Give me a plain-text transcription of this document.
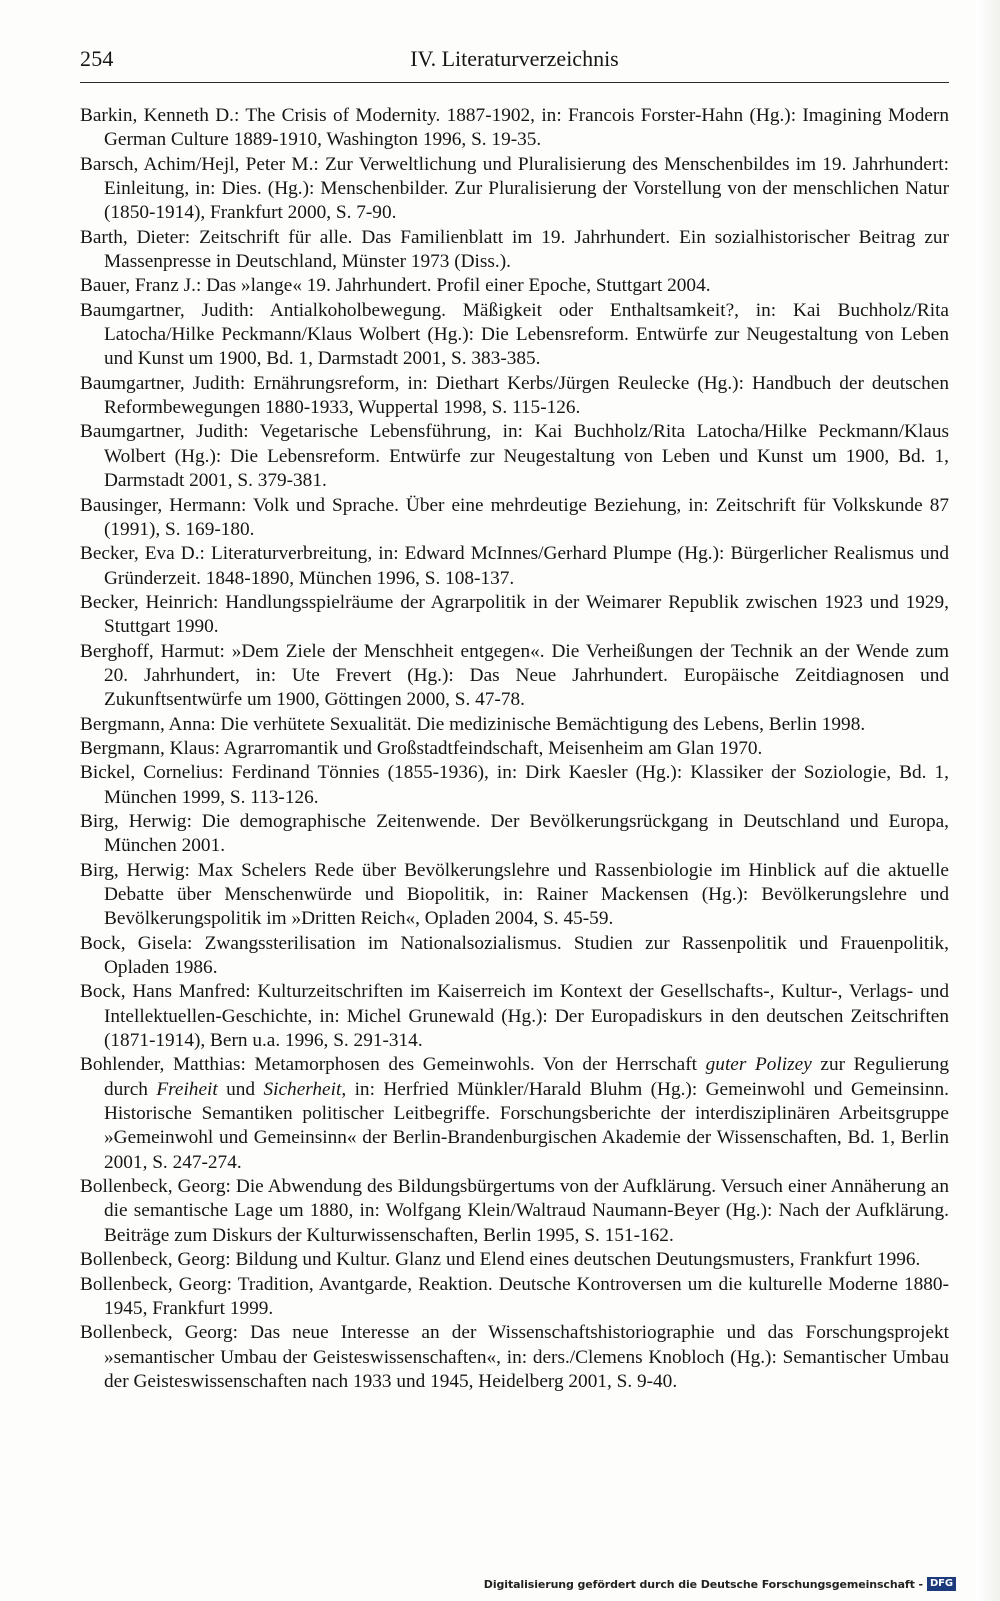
254	IV. Literaturverzeichnis
Barkin, Kenneth D.: The Crisis of Modernity. 1887-1902, in: Francois Forster-Hahn (Hg.): Imagining Modern German Culture 1889-1910, Washington 1996, S. 19-35.
Barsch, Achim/Hejl, Peter M.: Zur Verweltlichung und Pluralisierung des Menschenbildes im 19. Jahrhundert: Einleitung, in: Dies. (Hg.): Menschenbilder. Zur Pluralisierung der Vorstellung von der menschlichen Natur (1850-1914), Frankfurt 2000, S. 7-90.
Barth, Dieter: Zeitschrift für alle. Das Familienblatt im 19. Jahrhundert. Ein sozialhistorischer Beitrag zur Massenpresse in Deutschland, Münster 1973 (Diss.).
Bauer, Franz J.: Das »lange« 19. Jahrhundert. Profil einer Epoche, Stuttgart 2004.
Baumgartner, Judith: Antialkoholbewegung. Mäßigkeit oder Enthaltsamkeit?, in: Kai Buchholz/Rita Latocha/Hilke Peckmann/Klaus Wolbert (Hg.): Die Lebensreform. Entwürfe zur Neugestaltung von Leben und Kunst um 1900, Bd. 1, Darmstadt 2001, S. 383-385.
Baumgartner, Judith: Ernährungsreform, in: Diethart Kerbs/Jürgen Reulecke (Hg.): Handbuch der deutschen Reformbewegungen 1880-1933, Wuppertal 1998, S. 115-126.
Baumgartner, Judith: Vegetarische Lebensführung, in: Kai Buchholz/Rita Latocha/Hilke Peckmann/Klaus Wolbert (Hg.): Die Lebensreform. Entwürfe zur Neugestaltung von Leben und Kunst um 1900, Bd. 1, Darmstadt 2001, S. 379-381.
Bausinger, Hermann: Volk und Sprache. Über eine mehrdeutige Beziehung, in: Zeitschrift für Volkskunde 87 (1991), S. 169-180.
Becker, Eva D.: Literaturverbreitung, in: Edward McInnes/Gerhard Plumpe (Hg.): Bürgerlicher Realismus und Gründerzeit. 1848-1890, München 1996, S. 108-137.
Becker, Heinrich: Handlungsspielräume der Agrarpolitik in der Weimarer Republik zwischen 1923 und 1929, Stuttgart 1990.
Berghoff, Harmut: »Dem Ziele der Menschheit entgegen«. Die Verheißungen der Technik an der Wende zum 20. Jahrhundert, in: Ute Frevert (Hg.): Das Neue Jahrhundert. Europäische Zeitdiagnosen und Zukunftsentwürfe um 1900, Göttingen 2000, S. 47-78.
Bergmann, Anna: Die verhütete Sexualität. Die medizinische Bemächtigung des Lebens, Berlin 1998.
Bergmann, Klaus: Agrarromantik und Großstadtfeindschaft, Meisenheim am Glan 1970.
Bickel, Cornelius: Ferdinand Tönnies (1855-1936), in: Dirk Kaesler (Hg.): Klassiker der Soziologie, Bd. 1, München 1999, S. 113-126.
Birg, Herwig: Die demographische Zeitenwende. Der Bevölkerungsrückgang in Deutschland und Europa, München 2001.
Birg, Herwig: Max Schelers Rede über Bevölkerungslehre und Rassenbiologie im Hinblick auf die aktuelle Debatte über Menschenwürde und Biopolitik, in: Rainer Mackensen (Hg.): Bevölkerungslehre und Bevölkerungspolitik im »Dritten Reich«, Opladen 2004, S. 45-59.
Bock, Gisela: Zwangssterilisation im Nationalsozialismus. Studien zur Rassenpolitik und Frauenpolitik, Opladen 1986.
Bock, Hans Manfred: Kulturzeitschriften im Kaiserreich im Kontext der Gesellschafts-, Kultur-, Verlags- und Intellektuellen-Geschichte, in: Michel Grunewald (Hg.): Der Europadiskurs in den deutschen Zeitschriften (1871-1914), Bern u.a. 1996, S. 291-314.
Bohlender, Matthias: Metamorphosen des Gemeinwohls. Von der Herrschaft guter Polizey zur Regulierung durch Freiheit und Sicherheit, in: Herfried Münkler/Harald Bluhm (Hg.): Gemeinwohl und Gemeinsinn. Historische Semantiken politischer Leitbegriffe. Forschungsberichte der interdisziplinären Arbeitsgruppe »Gemeinwohl und Gemeinsinn« der Berlin-Brandenburgischen Akademie der Wissenschaften, Bd. 1, Berlin 2001, S. 247-274.
Bollenbeck, Georg: Die Abwendung des Bildungsbürgertums von der Aufklärung. Versuch einer Annäherung an die semantische Lage um 1880, in: Wolfgang Klein/Waltraud Naumann-Beyer (Hg.): Nach der Aufklärung. Beiträge zum Diskurs der Kulturwissenschaften, Berlin 1995, S. 151-162.
Bollenbeck, Georg: Bildung und Kultur. Glanz und Elend eines deutschen Deutungsmusters, Frankfurt 1996.
Bollenbeck, Georg: Tradition, Avantgarde, Reaktion. Deutsche Kontroversen um die kulturelle Moderne 1880-1945, Frankfurt 1999.
Bollenbeck, Georg: Das neue Interesse an der Wissenschaftshistoriographie und das Forschungsprojekt »semantischer Umbau der Geisteswissenschaften«, in: ders./Clemens Knobloch (Hg.): Semantischer Umbau der Geisteswissenschaften nach 1933 und 1945, Heidelberg 2001, S. 9-40.
Digitalisierung gefördert durch die Deutsche Forschungsgemeinschaft - DFG
